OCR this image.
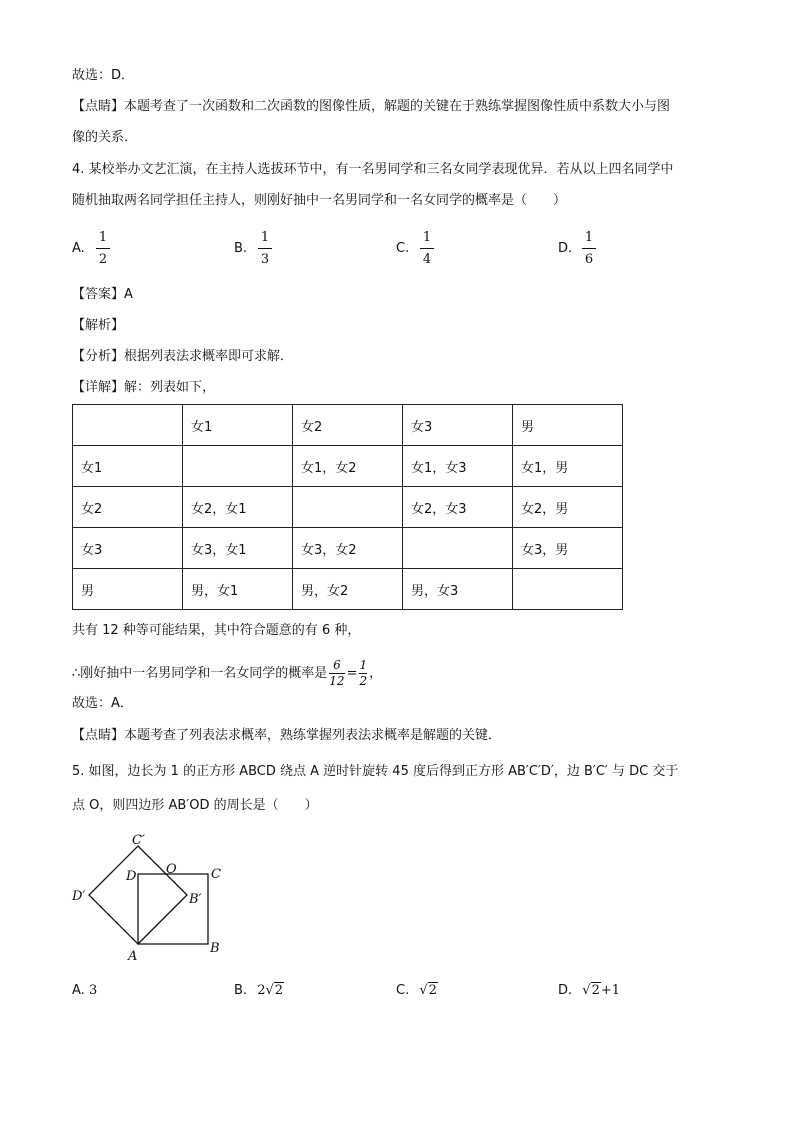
故选：D．
【点睛】本题考查了一次函数和二次函数的图像性质，解题的关键在于熟练掌握图像性质中系数大小与图
像的关系．
4. 某校举办文艺汇演，在主持人选拔环节中，有一名男同学和三名女同学表现优异．若从以上四名同学中
随机抽取两名同学担任主持人，则刚好抽中一名男同学和一名女同学的概率是（　　）
A.
1
2
B.
1
3
C.
1
4
D.
1
6
【答案】A
【解析】
【分析】根据列表法求概率即可求解．
【详解】解：列表如下，
	女1	女2	女3	男
女1		女1，女2	女1，女3	女1，男
女2	女2，女1		女2，女3	女2，男
女3	女3，女1	女3，女2		女3，男
男	男，女1	男，女2	男，女3	
共有 12 种等可能结果，其中符合题意的有 6 种，
∴刚好抽中一名男同学和一名女同学的概率是 $\frac{6}{12} = \frac{1}{2}$ ，
故选：A．
【点睛】本题考查了列表法求概率，熟练掌握列表法求概率是解题的关键．
5. 如图，边长为 1 的正方形 ABCD 绕点 A 逆时针旋转 45 度后得到正方形 AB′C′D′，边 B′C′ 与 DC 交于
点 O，则四边形 AB′OD 的周长是（　　）
C′
O	C
D
D′	B′
A
B
A. 3	B. 2√2	C. √2	D. √2+1
